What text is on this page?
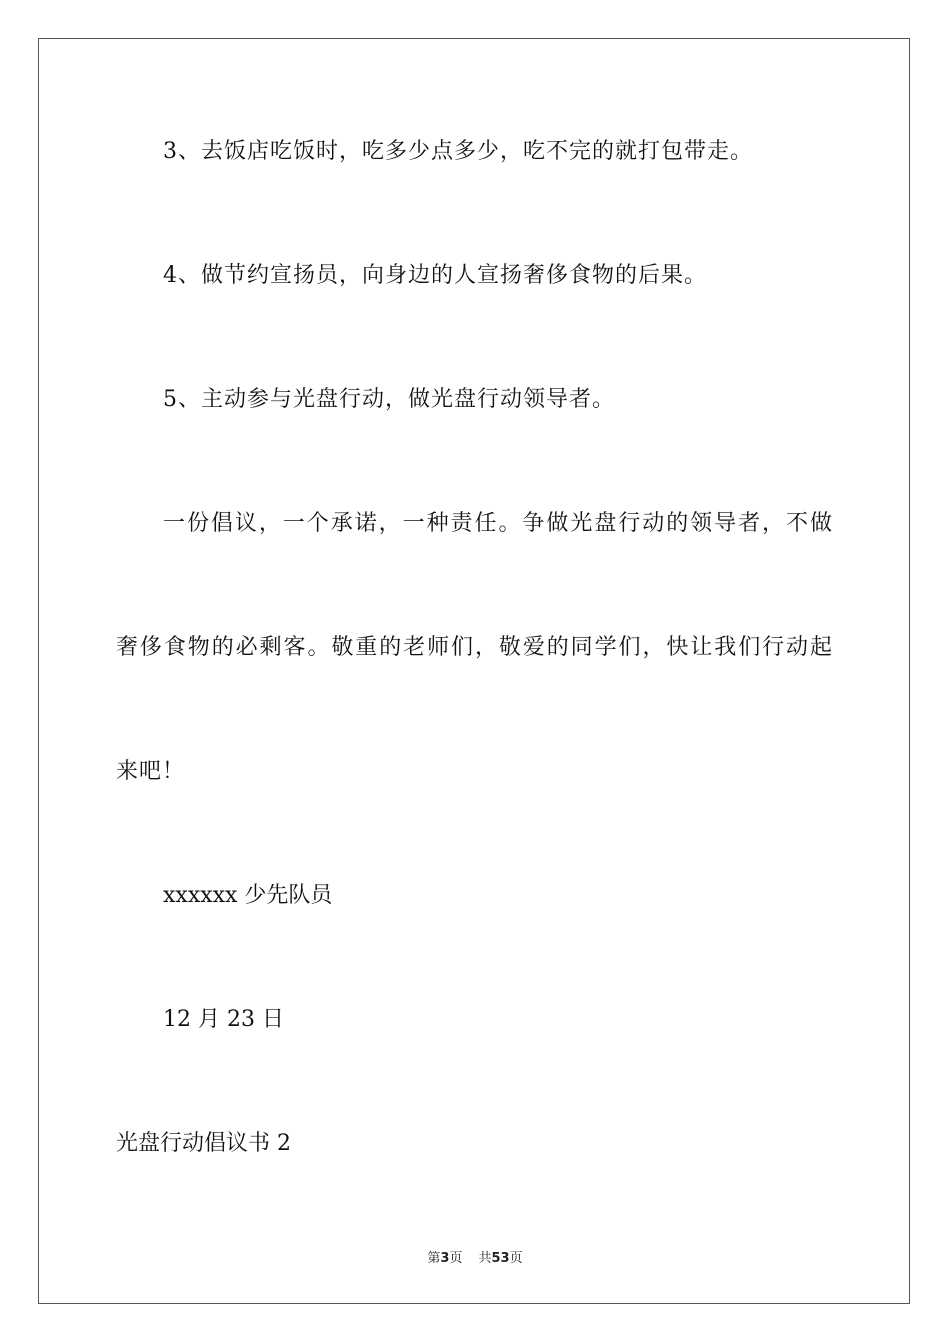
3、去饭店吃饭时，吃多少点多少，吃不完的就打包带走。
4、做节约宣扬员，向身边的人宣扬奢侈食物的后果。
5、主动参与光盘行动，做光盘行动领导者。
一份倡议，一个承诺，一种责任。争做光盘行动的领导者，不做
奢侈食物的必剩客。敬重的老师们，敬爱的同学们，快让我们行动起
来吧！
xxxxxx 少先队员
12 月 23 日
光盘行动倡议书 2
第3页 共53页
